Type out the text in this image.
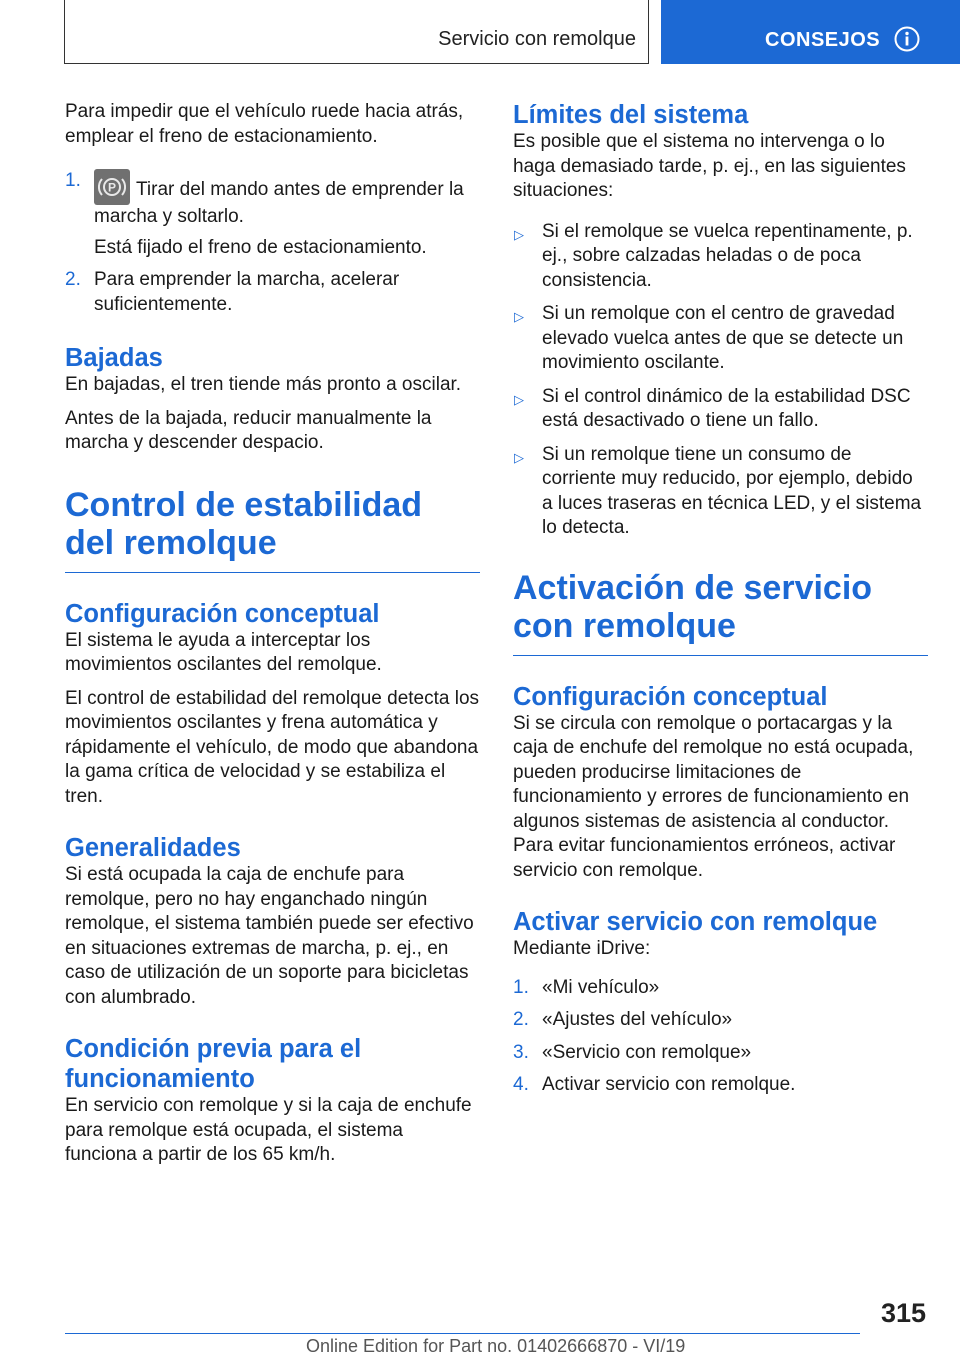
Servicio con remolque	CONSEJOS

Para impedir que el vehículo ruede hacia atrás, emplear el freno de estacionamiento.

1. P Tirar del mando antes de emprender la marcha y soltarlo.

Está fijado el freno de estacionamiento.

2. Para emprender la marcha, acelerar suficientemente.
Bajadas

En bajadas, el tren tiende más pronto a oscilar.

Antes de la bajada, reducir manualmente la marcha y descender despacio.

Control de estabilidad del remolque
Configuración conceptual

El sistema le ayuda a interceptar los movimientos oscilantes del remolque.

El control de estabilidad del remolque detecta los movimientos oscilantes y frena automática y rápidamente el vehículo, de modo que abandona la gama crítica de velocidad y se estabiliza el tren.

Generalidades

Si está ocupada la caja de enchufe para remolque, pero no hay enganchado ningún remolque, el sistema también puede ser efectivo en situaciones extremas de marcha, p. ej., en caso de utilización de un soporte para bicicletas con alumbrado.

Condición previa para el funcionamiento

En servicio con remolque y si la caja de enchufe para remolque está ocupada, el sistema funciona a partir de los 65 km/h.

Límites del sistema

Es posible que el sistema no intervenga o lo haga demasiado tarde, p. ej., en las siguientes situaciones:

▷ Si el remolque se vuelca repentinamente, p. ej., sobre calzadas heladas o de poca consistencia.
▷ Si un remolque con el centro de gravedad elevado vuelca antes de que se detecte un movimiento oscilante.
▷ Si el control dinámico de la estabilidad DSC está desactivado o tiene un fallo.
▷ Si un remolque tiene un consumo de corriente muy reducido, por ejemplo, debido a luces traseras en técnica LED, y el sistema lo detecta.
Activación de servicio con remolque
Configuración conceptual

Si se circula con remolque o portacargas y la caja de enchufe del remolque no está ocupada, pueden producirse limitaciones de funcionamiento y errores de funcionamiento en algunos sistemas de asistencia al conductor. Para evitar funcionamientos erróneos, activar servicio con remolque.

Activar servicio con remolque

Mediante iDrive:

1. «Mi vehículo»
2. «Ajustes del vehículo»
3. «Servicio con remolque»
4. Activar servicio con remolque.
315
Online Edition for Part no. 01402666870 - VI/19
